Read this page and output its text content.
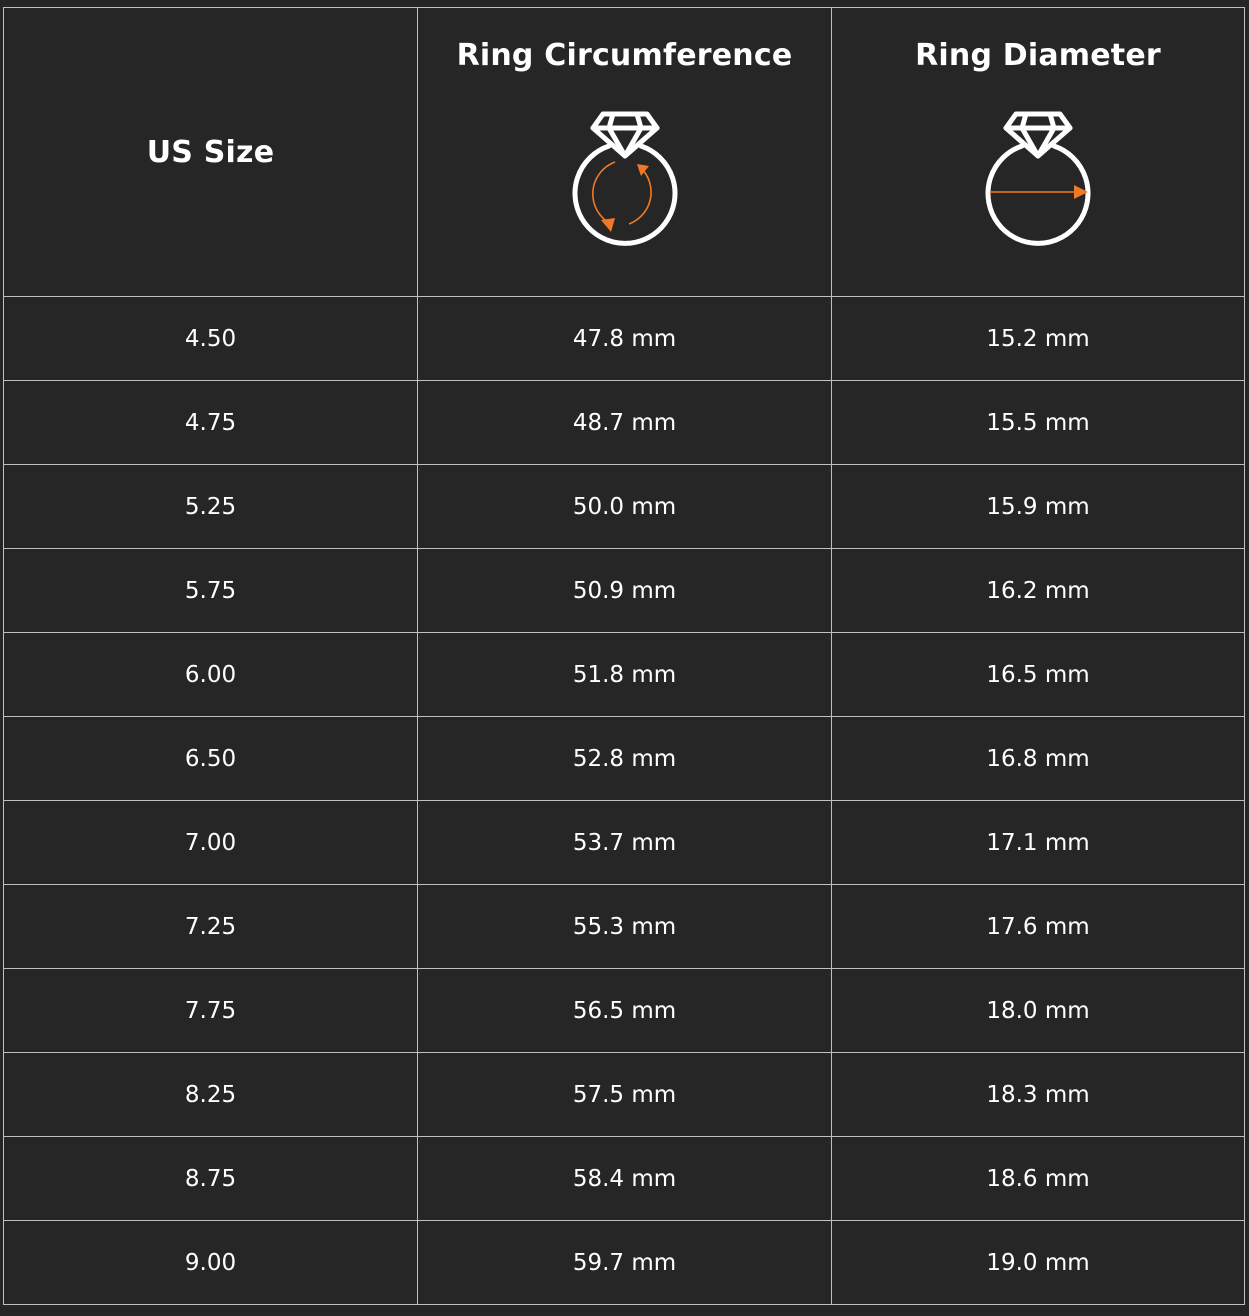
US Size	Ring Circumference	Ring Diameter

4.50	47.8 mm	15.2 mm
4.75	48.7 mm	15.5 mm
5.25	50.0 mm	15.9 mm
5.75	50.9 mm	16.2 mm
6.00	51.8 mm	16.5 mm
6.50	52.8 mm	16.8 mm
7.00	53.7 mm	17.1 mm
7.25	55.3 mm	17.6 mm
7.75	56.5 mm	18.0 mm
8.25	57.5 mm	18.3 mm
8.75	58.4 mm	18.6 mm
9.00	59.7 mm	19.0 mm
